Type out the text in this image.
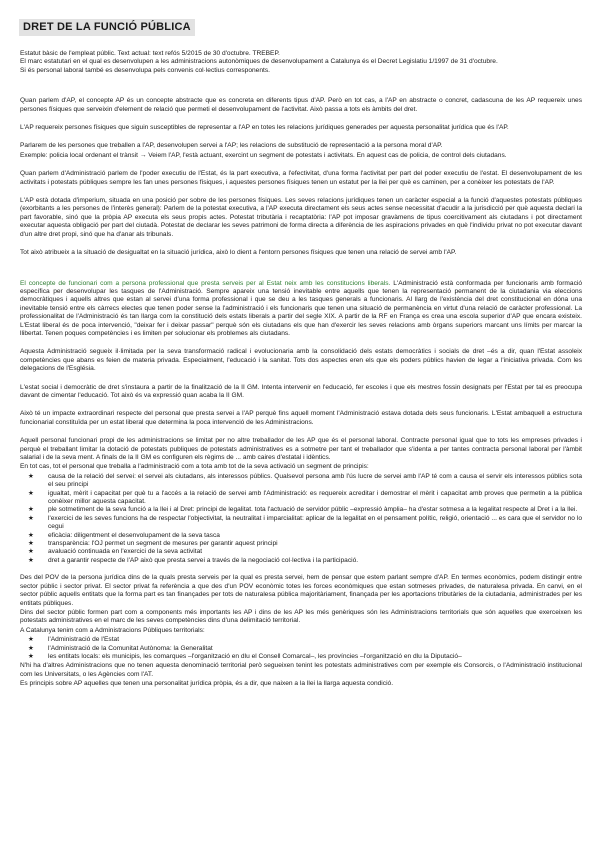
DRET DE LA FUNCIÓ PÚBLICA

Estatut bàsic de l'empleat públic. Text actual: text refós 5/2015 de 30 d'octubre. TREBEP.
El marc estatutari en el qual es desenvolupen a les administracions autonòmiques de desenvolupament a Catalunya és el Decret Legislatiu 1/1997 de 31 d'octubre.
Si és personal laboral també es desenvolupa pels convenis col·lectius corresponents.

Quan parlem d'AP, el concepte AP és un concepte abstracte que es concreta en diferents tipus d'AP. Però en tot cas, a l'AP en abstracte o concret, cadascuna de les AP requereix unes persones físiques que serveixin d'element de relació que permeti el desenvolupament de l'activitat. Això passa a tots els àmbits del dret.

L'AP requereix persones físiques que siguin susceptibles de representar a l'AP en totes les relacions jurídiques generades per aquesta personalitat jurídica que és l'AP.

Parlarem de les persones que treballen a l'AP, desenvolupen servei a l'AP; les relacions de substitució de representació a la persona moral d'AP.

Exemple: policia local ordenant el trànsit → Veiem l'AP, l'està actuant, exercint un segment de potestats i activitats. En aquest cas de policia, de control dels ciutadans.

Quan parlem d'Administració parlem de l'poder executiu de l'Estat, és la part executiva, a l'efectivitat, d'una forma l'activitat per part del poder executiu de l'estat. El desenvolupament de les activitats i potestats públiques sempre les fan unes persones físiques, i aquestes persones físiques tenen un estatut per la llei per què es caminen, per a conèixer les potestats de l'AP.

L'AP està dotada d'imperium, situada en una posició per sobre de les persones físiques. Les seves relacions jurídiques tenen un caràcter especial a la funció d'aquestes potestats públiques (exorbitants a les persones de l'interès general): Parlem de la potestat executiva, a l'AP executa directament els seus actes sense necessitat d'acudir a la jurisdicció per què aquesta declari la part favorable, sinó que la pròpia AP executa els seus propis actes. Potestat tributària i recaptatòria: l'AP pot imposar gravàmens de tipus coercitivament als ciutadans i pot directament executar aquesta obligació per part del ciutadà. Potestat de declarar les seves patrimoni de forma directa a diferència de les aspiracions privades en què l'individu privat no pot executar davant d'un altre dret propi, sinó que ha d'anar als tribunals.

Tot això atribueix a la situació de desigualtat en la situació jurídica, això lo dient a l'entorn persones físiques que tenen una relació de servei amb l'AP.

El concepte de funcionari com a persona professional que presta serveis per al Estat neix amb les constitucions liberals. L'Administració està conformada per funcionaris amb formació específica per desenvolupar les tasques de l'Administració. Sempre apareix una tensió inevitable entre aquells que tenen la representació permanent de la ciutadania via eleccions democràtiques i aquells altres que estan al servei d'una forma professional i que se deu a les tasques generals a funcionaris. Al llarg de l'existència del dret constitucional en dóna una inevitable tensió entre els càrrecs electes que tenen poder sense la l'administració i els funcionaris que tenen una situació de permanència en virtut d'una relació de caràcter professional. La professionalitat de l'Administració és tan llarga com la constitució dels estats liberals a partir del segle XIX. A partir de la RF en França es crea una escola superior d'AP que encara existeix. L'Estat liberal és de poca intervenció, "deixar fer i deixar passar" perquè són els ciutadans els que han d'exercir les seves relacions amb òrgans superiors marcant uns límits per marcar la llibertat. Tenen poques competències i es limiten per solucionar els problemes als ciutadans.

Aquesta Administració segueix il·limitada per la seva transformació radical i evolucionaria amb la consolidació dels estats democràtics i socials de dret –és a dir, quan l'Estat assoleix competències que abans es feien de materia privada. Especialment, l'educació i la sanitat. Tots dos aspectes eren els que els poders públics havien de legar a l'iniciativa privada. Com les delegacions de l'Església.

L'estat social i democràtic de dret s'instaura a partir de la finalització de la II GM. Intenta intervenir en l'educació, fer escoles i que els mestres fossin designats per l'Estat per tal es preocupa davant de cimentar l'educació. Tot això és va expressió quan acaba la II GM.

Això té un impacte extraordinari respecte del personal que presta servei a l'AP perquè fins aquell moment l'Administració estava dotada dels seus funcionaris. L'Estat ambaquell a estructura funcionarial constituïda per un estat liberal que determina la poca intervenció de les Administracions.

Aquell personal funcionari propi de les administracions se limitat per no altre treballador de les AP que és el personal laboral. Contracte personal igual que to tots les empreses privades i perquè el treballant limitar la dotació de potestats publiques de potestats administratives es a sotmetre per tant el treballador que s'identa a per tantes contracta personal laboral per l'àmbit salarial i de la seva ment. A finals de la II GM es configuren els règims de ... amb caires d'estatal i idèntics.

En tot cas, tot el personal que treballa a l'administració com a tota amb tot de la seva activació un segment de principis:

★ causa de la relació del servei: el servei als ciutadans, als interessos públics. Qualsevol persona amb l'ús lucre de servei amb l'AP té com a causa el servir els interessos públics sota el seu principi
★ igualtat, mèrit i capacitat per què tu a l'accés a la relació de servei amb l'Administració: es requereix acreditar i demostrar el mèrit i capacitat amb proves que permetin a la pública conèixer millor aquesta capacitat.
★ ple sotmetiment de la seva funció a la llei i al Dret: principi de legalitat. tota l'actuació de servidor públic –expressió àmplia– ha d'estar sotmesa a la legalitat respecte al Dret i a la llei.
★ l'exercici de les seves funcions ha de respectar l'objectivitat, la neutralitat i imparcialitat: aplicar de la legalitat en el pensament polític, religió, orientació ... es cara que el servidor no lo cegui
★ eficàcia: diligentment el desenvolupament de la seva tasca
★ transparència: l'OJ permet un segment de mesures per garantir aquest principi
★ avaluació continuada en l'exercici de la seva activitat
★ dret a garantir respecte de l'AP això que presta servei a través de la negociació col·lectiva i la participació.

Des del POV de la persona jurídica dins de la quals presta serveis per la qual es presta servei, hem de pensar que estem parlant sempre d'AP. En termes econòmics, podem distingir entre sector públic i sector privat. El sector privat fa referència a que des d'un POV econòmic totes les forces econòmiques que estan sotmeses privades, de naturalesa privada. En canvi, en el sector públic aquells entitats que la forma part es tan finançades per tots de naturalesa pública majoritàriament, finançada per les aportacions tributàries de la ciutadania, administrades per les entitats públiques.

Dins del sector públic formen part com a components més importants les AP i dins de les AP les més genèriques són les Administracions territorials que són aquelles que exerceixen les potestats administratives en el marc de les seves competències dins d'una delimitació territorial.

A Catalunya tenim com a Administracions Públiques territorials:

★ l'Administració de l'Estat
★ l'Administració de la Comunitat Autònoma: la Generalitat
★ les entitats locals: els municipis, les comarques –l'organització en dlu el Consell Comarcal–, les províncies –l'organització en dlu la Diputació–

N'hi ha d'altres Administracions que no tenen aquesta denominació territorial però segueixen tenint les potestats administratives com per exemple els Consorcis, o l'Administració institucional com les Universitats, o les Agències com l'AT.

Es principis sobre AP aquelles que tenen una personalitat jurídica pròpia, és a dir, que naixen a la llei la llarga aquesta condició.
